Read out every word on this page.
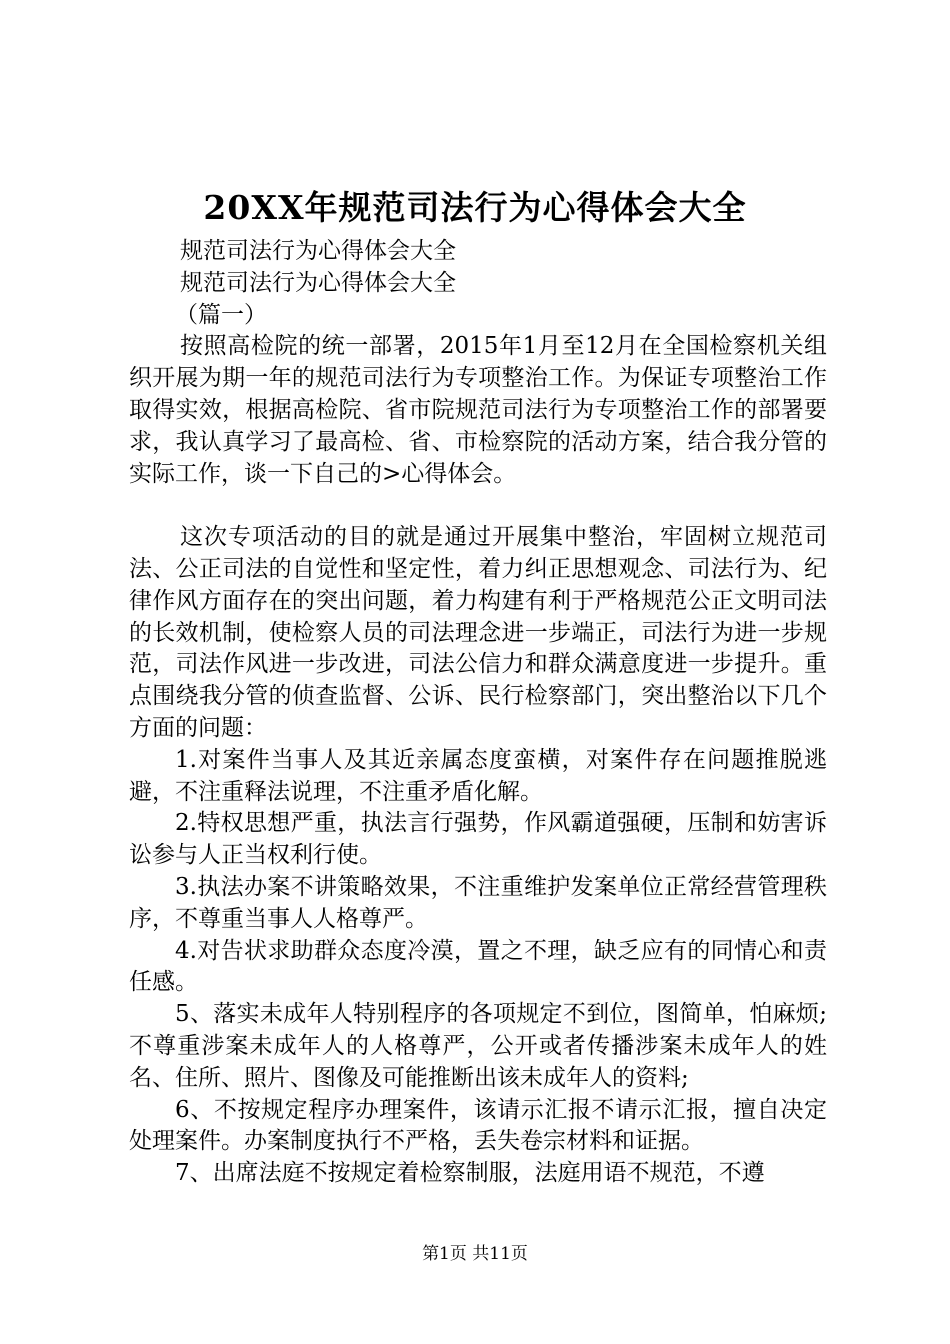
20XX年规范司法行为心得体会大全

规范司法行为心得体会大全

规范司法行为心得体会大全

（篇一）

按照高检院的统一部署，2015年1月至12月在全国检察机关组织开展为期一年的规范司法行为专项整治工作。为保证专项整治工作取得实效，根据高检院、省市院规范司法行为专项整治工作的部署要求，我认真学习了最高检、省、市检察院的活动方案，结合我分管的实际工作，谈一下自己的>心得体会。

这次专项活动的目的就是通过开展集中整治，牢固树立规范司法、公正司法的自觉性和坚定性，着力纠正思想观念、司法行为、纪律作风方面存在的突出问题，着力构建有利于严格规范公正文明司法的长效机制，使检察人员的司法理念进一步端正，司法行为进一步规范，司法作风进一步改进，司法公信力和群众满意度进一步提升。重点围绕我分管的侦查监督、公诉、民行检察部门，突出整治以下几个方面的问题：

1.对案件当事人及其近亲属态度蛮横，对案件存在问题推脱逃避，不注重释法说理，不注重矛盾化解。

2.特权思想严重，执法言行强势，作风霸道强硬，压制和妨害诉讼参与人正当权利行使。

3.执法办案不讲策略效果，不注重维护发案单位正常经营管理秩序，不尊重当事人人格尊严。

4.对告状求助群众态度冷漠，置之不理，缺乏应有的同情心和责任感。

5、落实未成年人特别程序的各项规定不到位，图简单，怕麻烦;不尊重涉案未成年人的人格尊严，公开或者传播涉案未成年人的姓名、住所、照片、图像及可能推断出该未成年人的资料;

6、不按规定程序办理案件，该请示汇报不请示汇报，擅自决定处理案件。办案制度执行不严格，丢失卷宗材料和证据。

7、出席法庭不按规定着检察制服，法庭用语不规范，不遵

第1页 共11页
